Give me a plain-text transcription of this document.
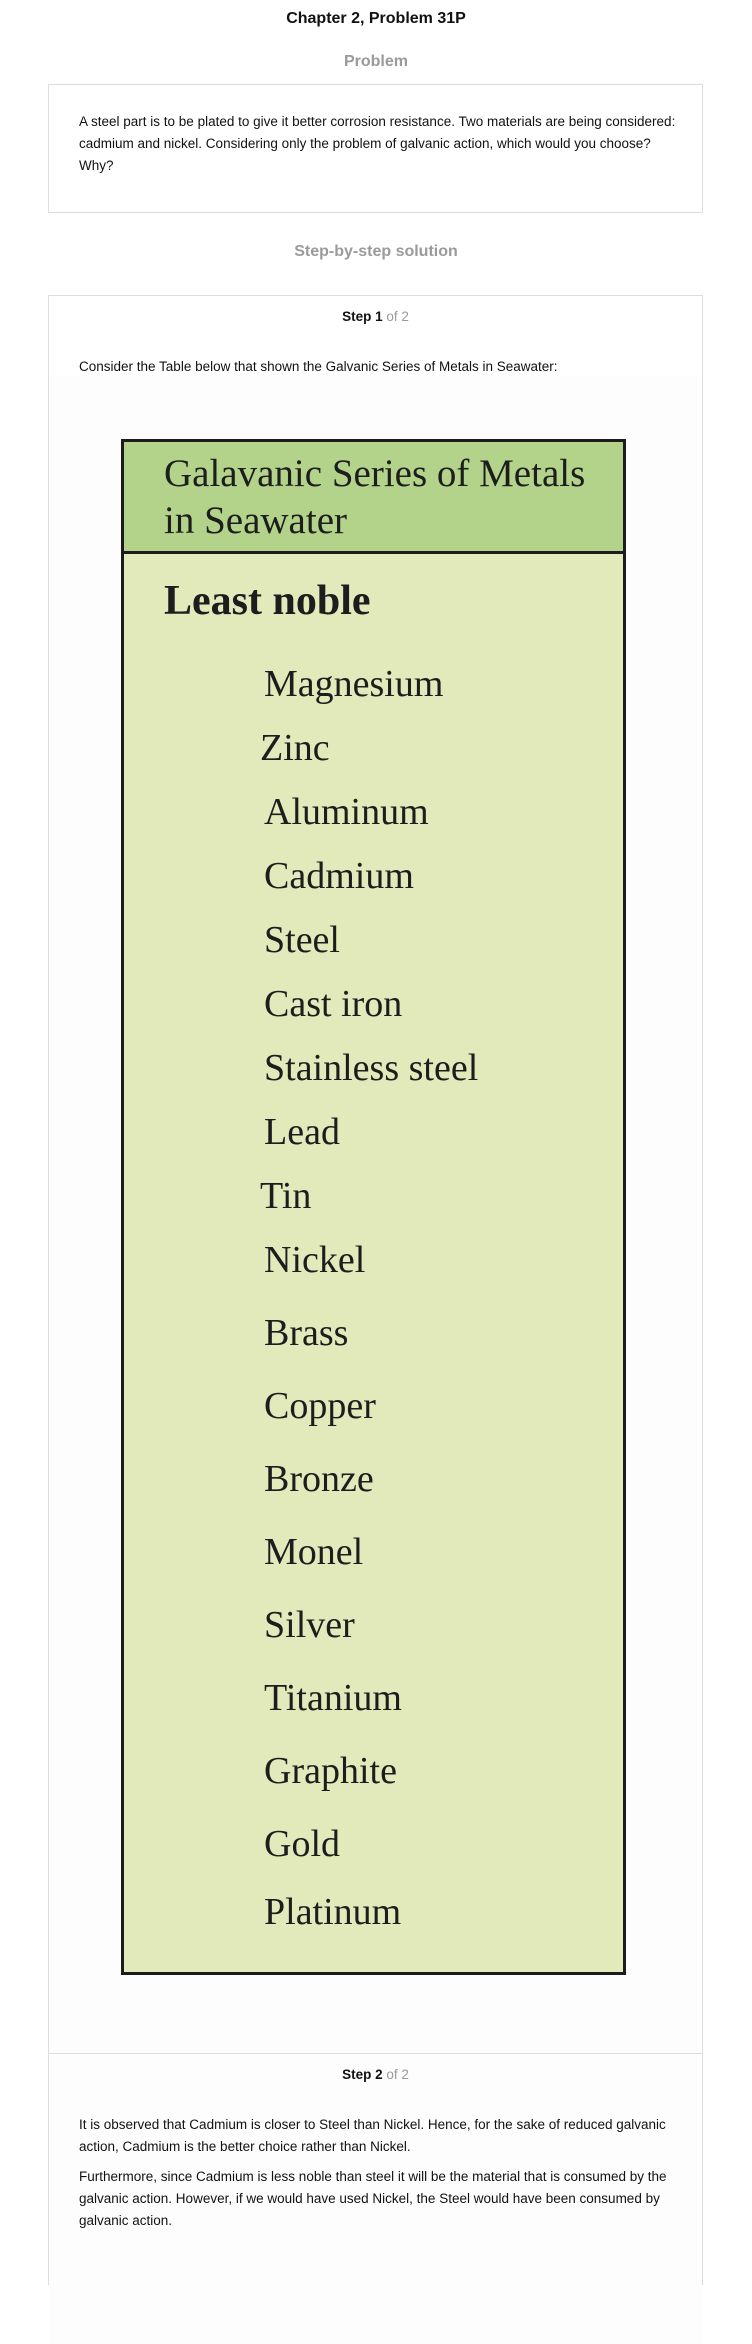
Chapter 2, Problem 31P
Problem
A steel part is to be plated to give it better corrosion resistance. Two materials are being considered: cadmium and nickel. Considering only the problem of galvanic action, which would you choose? Why?
Step-by-step solution
Step 1 of 2
Consider the Table below that shown the Galvanic Series of Metals in Seawater:
Galavanic Series of Metals in Seawater
Least noble
Magnesium
Zinc
Aluminum
Cadmium
Steel
Cast iron
Stainless steel
Lead
Tin
Nickel
Brass
Copper
Bronze
Monel
Silver
Titanium
Graphite
Gold
Platinum
Step 2 of 2
It is observed that Cadmium is closer to Steel than Nickel. Hence, for the sake of reduced galvanic action, Cadmium is the better choice rather than Nickel.
Furthermore, since Cadmium is less noble than steel it will be the material that is consumed by the galvanic action. However, if we would have used Nickel, the Steel would have been consumed by galvanic action.
